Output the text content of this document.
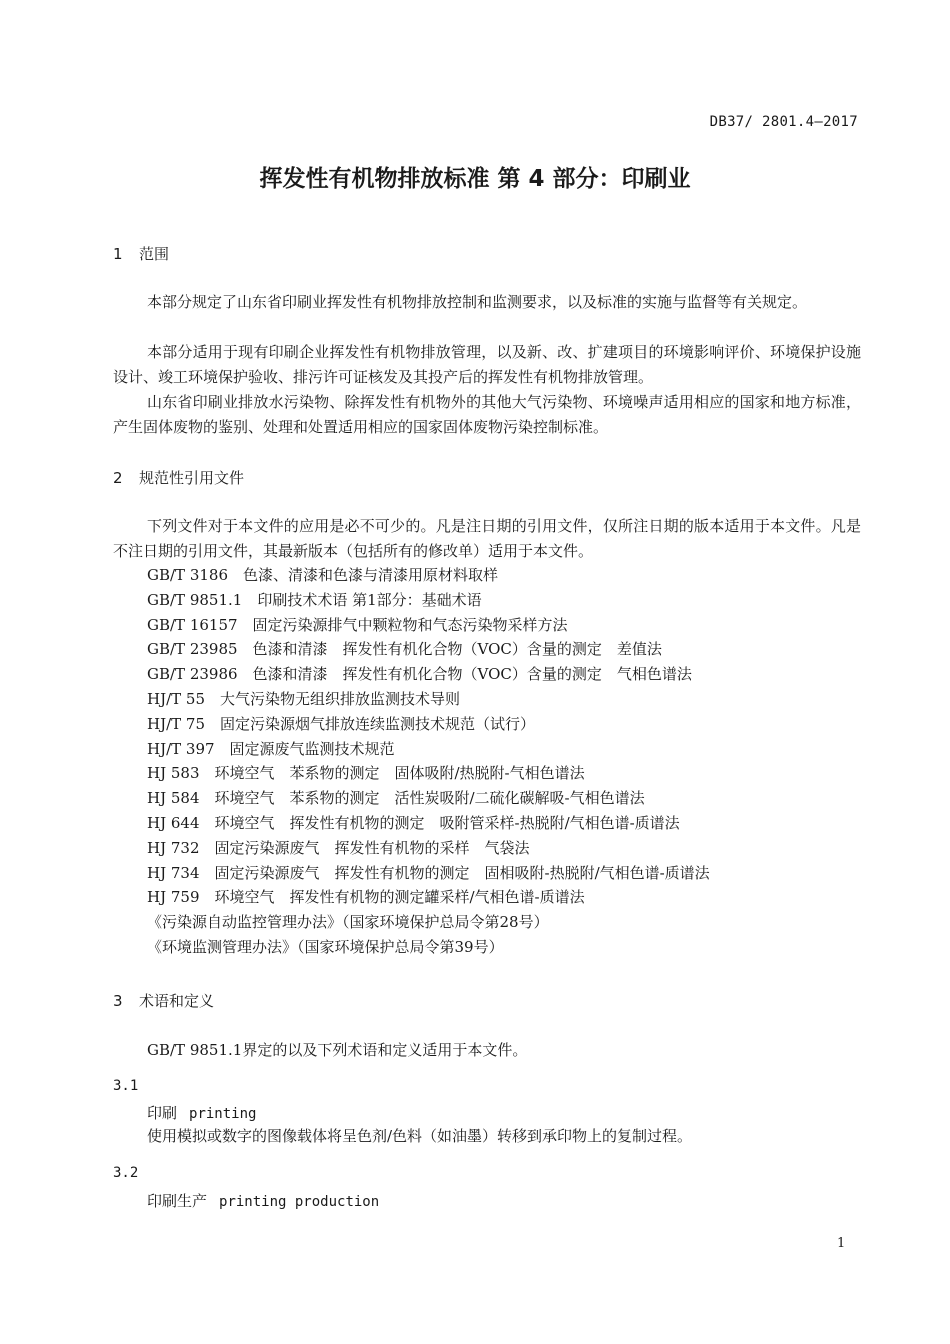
DB37/ 2801.4—2017
挥发性有机物排放标准 第 4 部分：印刷业
1 范围

本部分规定了山东省印刷业挥发性有机物排放控制和监测要求，以及标准的实施与监督等有关规定。

本部分适用于现有印刷企业挥发性有机物排放管理，以及新、改、扩建项目的环境影响评价、环境保护设施设计、竣工环境保护验收、排污许可证核发及其投产后的挥发性有机物排放管理。

山东省印刷业排放水污染物、除挥发性有机物外的其他大气污染物、环境噪声适用相应的国家和地方标准，产生固体废物的鉴别、处理和处置适用相应的国家固体废物污染控制标准。

2 规范性引用文件

下列文件对于本文件的应用是必不可少的。凡是注日期的引用文件，仅所注日期的版本适用于本文件。凡是不注日期的引用文件，其最新版本（包括所有的修改单）适用于本文件。

GB/T 3186　色漆、清漆和色漆与清漆用原材料取样
GB/T 9851.1　印刷技术术语 第1部分：基础术语
GB/T 16157　固定污染源排气中颗粒物和气态污染物采样方法
GB/T 23985　色漆和清漆　挥发性有机化合物（VOC）含量的测定　差值法
GB/T 23986　色漆和清漆　挥发性有机化合物（VOC）含量的测定　气相色谱法
HJ/T 55　大气污染物无组织排放监测技术导则
HJ/T 75　固定污染源烟气排放连续监测技术规范（试行）
HJ/T 397　固定源废气监测技术规范
HJ 583　环境空气　苯系物的测定　固体吸附/热脱附-气相色谱法
HJ 584　环境空气　苯系物的测定　活性炭吸附/二硫化碳解吸-气相色谱法
HJ 644　环境空气　挥发性有机物的测定　吸附管采样-热脱附/气相色谱-质谱法
HJ 732　固定污染源废气　挥发性有机物的采样　气袋法
HJ 734　固定污染源废气　挥发性有机物的测定　固相吸附-热脱附/气相色谱-质谱法
HJ 759　环境空气　挥发性有机物的测定罐采样/气相色谱-质谱法
《污染源自动监控管理办法》（国家环境保护总局令第28号）
《环境监测管理办法》（国家环境保护总局令第39号）
3 术语和定义

GB/T 9851.1界定的以及下列术语和定义适用于本文件。

3.1
印刷 printing
使用模拟或数字的图像载体将呈色剂/色料（如油墨）转移到承印物上的复制过程。
3.2
印刷生产 printing production
1
